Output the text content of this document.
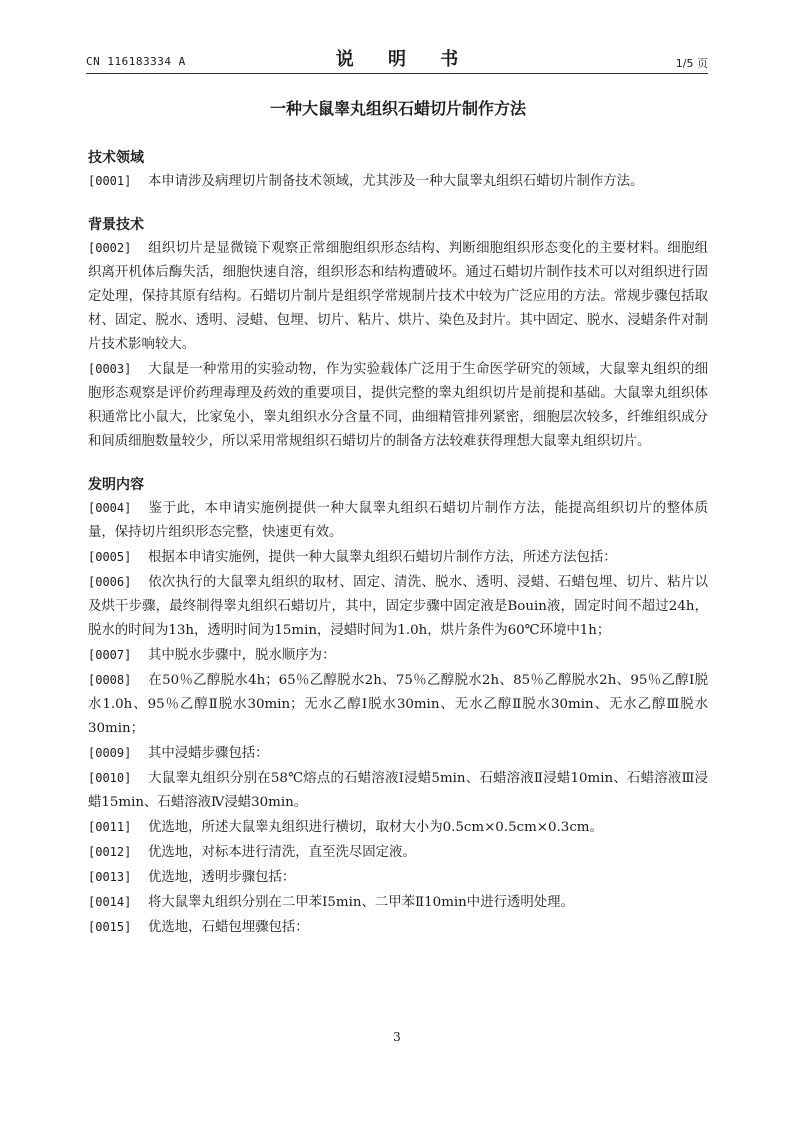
CN 116183334 A	说 明 书	1/5 页
一种大鼠睾丸组织石蜡切片制作方法
技术领域

[0001] 本申请涉及病理切片制备技术领域，尤其涉及一种大鼠睾丸组织石蜡切片制作方法。

背景技术

[0002] 组织切片是显微镜下观察正常细胞组织形态结构、判断细胞组织形态变化的主要材料。细胞组织离开机体后酶失活，细胞快速自溶，组织形态和结构遭破坏。通过石蜡切片制作技术可以对组织进行固定处理，保持其原有结构。石蜡切片制片是组织学常规制片技术中较为广泛应用的方法。常规步骤包括取材、固定、脱水、透明、浸蜡、包埋、切片、粘片、烘片、染色及封片。其中固定、脱水、浸蜡条件对制片技术影响较大。

[0003] 大鼠是一种常用的实验动物，作为实验载体广泛用于生命医学研究的领域，大鼠睾丸组织的细胞形态观察是评价药理毒理及药效的重要项目，提供完整的睾丸组织切片是前提和基础。大鼠睾丸组织体积通常比小鼠大，比家兔小，睾丸组织水分含量不同，曲细精管排列紧密，细胞层次较多，纤维组织成分和间质细胞数量较少，所以采用常规组织石蜡切片的制备方法较难获得理想大鼠睾丸组织切片。

发明内容

[0004] 鉴于此，本申请实施例提供一种大鼠睾丸组织石蜡切片制作方法，能提高组织切片的整体质量，保持切片组织形态完整，快速更有效。

[0005] 根据本申请实施例，提供一种大鼠睾丸组织石蜡切片制作方法，所述方法包括：

[0006] 依次执行的大鼠睾丸组织的取材、固定、清洗、脱水、透明、浸蜡、石蜡包埋、切片、粘片以及烘干步骤，最终制得睾丸组织石蜡切片，其中，固定步骤中固定液是Bouin液，固定时间不超过24h，脱水的时间为13h，透明时间为15min，浸蜡时间为1.0h，烘片条件为60℃环境中1h；

[0007] 其中脱水步骤中，脱水顺序为：

[0008] 在50％乙醇脱水4h；65％乙醇脱水2h、75％乙醇脱水2h、85％乙醇脱水2h、95％乙醇Ⅰ脱水1.0h、95％乙醇Ⅱ脱水30min；无水乙醇Ⅰ脱水30min、无水乙醇Ⅱ脱水30min、无水乙醇Ⅲ脱水30min；

[0009] 其中浸蜡步骤包括：

[0010] 大鼠睾丸组织分别在58℃熔点的石蜡溶液Ⅰ浸蜡5min、石蜡溶液Ⅱ浸蜡10min、石蜡溶液Ⅲ浸蜡15min、石蜡溶液Ⅳ浸蜡30min。

[0011] 优选地，所述大鼠睾丸组织进行横切，取材大小为0.5cm×0.5cm×0.3cm。

[0012] 优选地，对标本进行清洗，直至洗尽固定液。

[0013] 优选地，透明步骤包括：

[0014] 将大鼠睾丸组织分别在二甲苯Ⅰ5min、二甲苯Ⅱ10min中进行透明处理。

[0015] 优选地，石蜡包埋骤包括：

3
